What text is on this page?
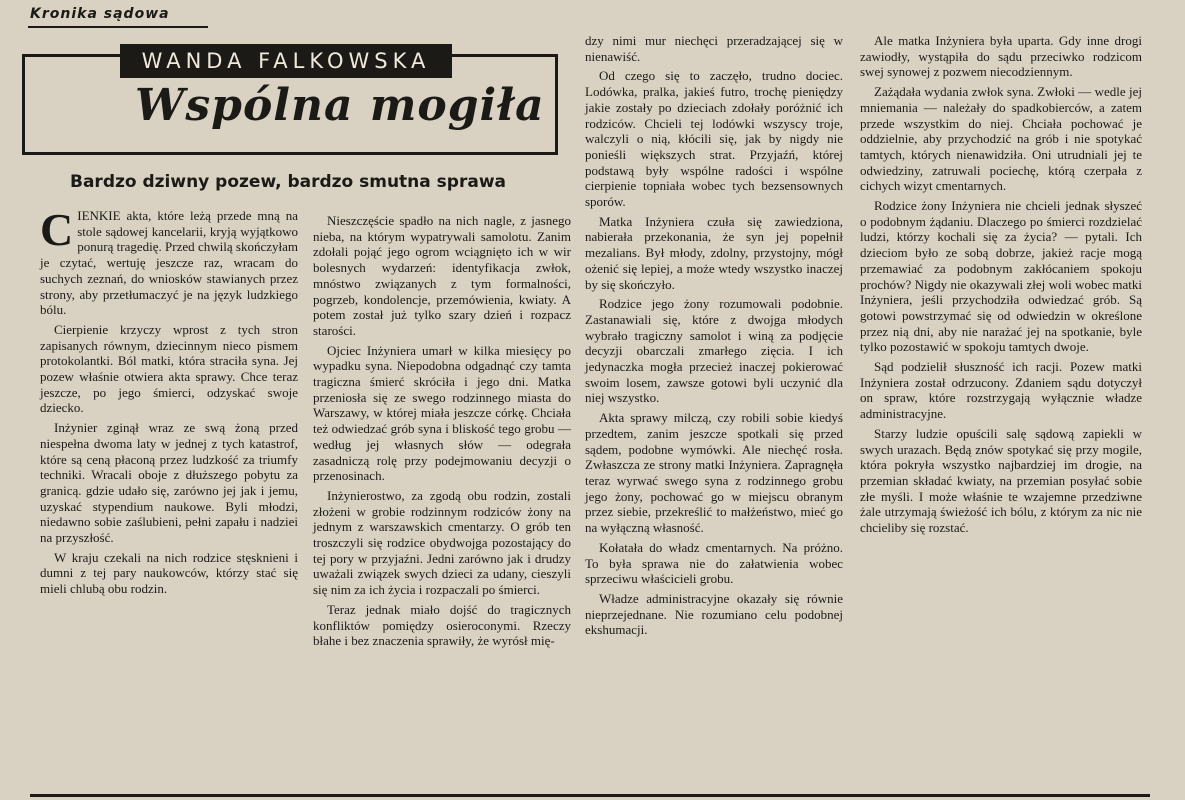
Kronika sądowa
WANDA FALKOWSKA
Wspólna mogiła
Bardzo dziwny pozew, bardzo smutna sprawa

CIENKIE akta, które leżą przede mną na stole sądowej kancelarii, kryją wyjątkowo ponurą tragedię. Przed chwilą skończyłam je czytać, wertuję jeszcze raz, wracam do suchych zeznań, do wniosków stawianych przez strony, aby przetłumaczyć je na język ludzkiego bólu.

Cierpienie krzyczy wprost z tych stron zapisanych równym, dziecinnym nieco pismem protokolantki. Ból matki, która straciła syna. Jej pozew właśnie otwiera akta sprawy. Chce teraz jeszcze, po jego śmierci, odzyskać swoje dziecko.

Inżynier zginął wraz ze swą żoną przed niespełna dwoma laty w jednej z tych katastrof, które są ceną płaconą przez ludzkość za triumfy techniki. Wracali oboje z dłuższego pobytu za granicą. gdzie udało się, zarówno jej jak i jemu, uzyskać stypendium naukowe. Byli młodzi, niedawno sobie zaślubieni, pełni zapału i nadziei na przyszłość.

W kraju czekali na nich rodzice stęsknieni i dumni z tej pary naukowców, którzy stać się mieli chlubą obu rodzin.

Nieszczęście spadło na nich nagle, z jasnego nieba, na którym wypatrywali samolotu. Zanim zdołali pojąć jego ogrom wciągnięto ich w wir bolesnych wydarzeń: identyfikacja zwłok, mnóstwo związanych z tym formalności, pogrzeb, kondolencje, przemówienia, kwiaty. A potem został już tylko szary dzień i rozpacz starości.

Ojciec Inżyniera umarł w kilka miesięcy po wypadku syna. Niepodobna odgadnąć czy tamta tragiczna śmierć skróciła i jego dni. Matka przeniosła się ze swego rodzinnego miasta do Warszawy, w której miała jeszcze córkę. Chciała też odwiedzać grób syna i bliskość tego grobu — według jej własnych słów — odegrała zasadniczą rolę przy podejmowaniu decyzji o przenosinach.

Inżynierostwo, za zgodą obu rodzin, zostali złożeni w grobie rodzinnym rodziców żony na jednym z warszawskich cmentarzy. O grób ten troszczyli się rodzice obydwojga pozostający do tej pory w przyjaźni. Jedni zarówno jak i drudzy uważali związek swych dzieci za udany, cieszyli się nim za ich życia i rozpaczali po śmierci.

Teraz jednak miało dojść do tragicznych konfliktów pomiędzy osieroconymi. Rzeczy błahe i bez znaczenia sprawiły, że wyrósł mię-

dzy nimi mur niechęci przeradzającej się w nienawiść.

Od czego się to zaczęło, trudno dociec. Lodówka, pralka, jakieś futro, trochę pieniędzy jakie zostały po dzieciach zdołały poróżnić ich rodziców. Chcieli tej lodówki wszyscy troje, walczyli o nią, kłócili się, jak by nigdy nie ponieśli większych strat. Przyjaźń, której podstawą były wspólne radości i wspólne cierpienie topniała wobec tych bezsensownych sporów.

Matka Inżyniera czuła się zawiedziona, nabierała przekonania, że syn jej popełnił mezalians. Był młody, zdolny, przystojny, mógł ożenić się lepiej, a może wtedy wszystko inaczej by się skończyło.

Rodzice jego żony rozumowali podobnie. Zastanawiali się, które z dwojga młodych wybrało tragiczny samolot i winą za podjęcie decyzji obarczali zmarłego zięcia. I ich jedynaczka mogła przecież inaczej pokierować swoim losem, zawsze gotowi byli uczynić dla niej wszystko.

Akta sprawy milczą, czy robili sobie kiedyś przedtem, zanim jeszcze spotkali się przed sądem, podobne wymówki. Ale niechęć rosła. Zwłaszcza ze strony matki Inżyniera. Zapragnęła teraz wyrwać swego syna z rodzinnego grobu jego żony, pochować go w miejscu obranym przez siebie, przekreślić to małżeństwo, mieć go na wyłączną własność.

Kołatała do władz cmentarnych. Na próżno. To była sprawa nie do załatwienia wobec sprzeciwu właścicieli grobu.

Władze administracyjne okazały się równie nieprzejednane. Nie rozumiano celu podobnej ekshumacji.

Ale matka Inżyniera była uparta. Gdy inne drogi zawiodły, wystąpiła do sądu przeciwko rodzicom swej synowej z pozwem niecodziennym.

Zażądała wydania zwłok syna. Zwłoki — wedle jej mniemania — należały do spadkobierców, a zatem przede wszystkim do niej. Chciała pochować je oddzielnie, aby przychodzić na grób i nie spotykać tamtych, których nienawidziła. Oni utrudniali jej te odwiedziny, zatruwali pociechę, którą czerpała z cichych wizyt cmentarnych.

Rodzice żony Inżyniera nie chcieli jednak słyszeć o podobnym żądaniu. Dlaczego po śmierci rozdzielać ludzi, którzy kochali się za życia? — pytali. Ich dzieciom było ze sobą dobrze, jakież racje mogą przemawiać za podobnym zakłócaniem spokoju prochów? Nigdy nie okazywali złej woli wobec matki Inżyniera, jeśli przychodziła odwiedzać grób. Są gotowi powstrzymać się od odwiedzin w określone przez nią dni, aby nie narażać jej na spotkanie, byle tylko pozostawić w spokoju tamtych dwoje.

Sąd podzielił słuszność ich racji. Pozew matki Inżyniera został odrzucony. Zdaniem sądu dotyczył on spraw, które rozstrzygają wyłącznie władze administracyjne.

Starzy ludzie opuścili salę sądową zapiekli w swych urazach. Będą znów spotykać się przy mogile, która pokryła wszystko najbardziej im drogie, na przemian składać kwiaty, na przemian posyłać sobie złe myśli. I może właśnie te wzajemne przedziwne żale utrzymają świeżość ich bólu, z którym za nic nie chcieliby się rozstać.
